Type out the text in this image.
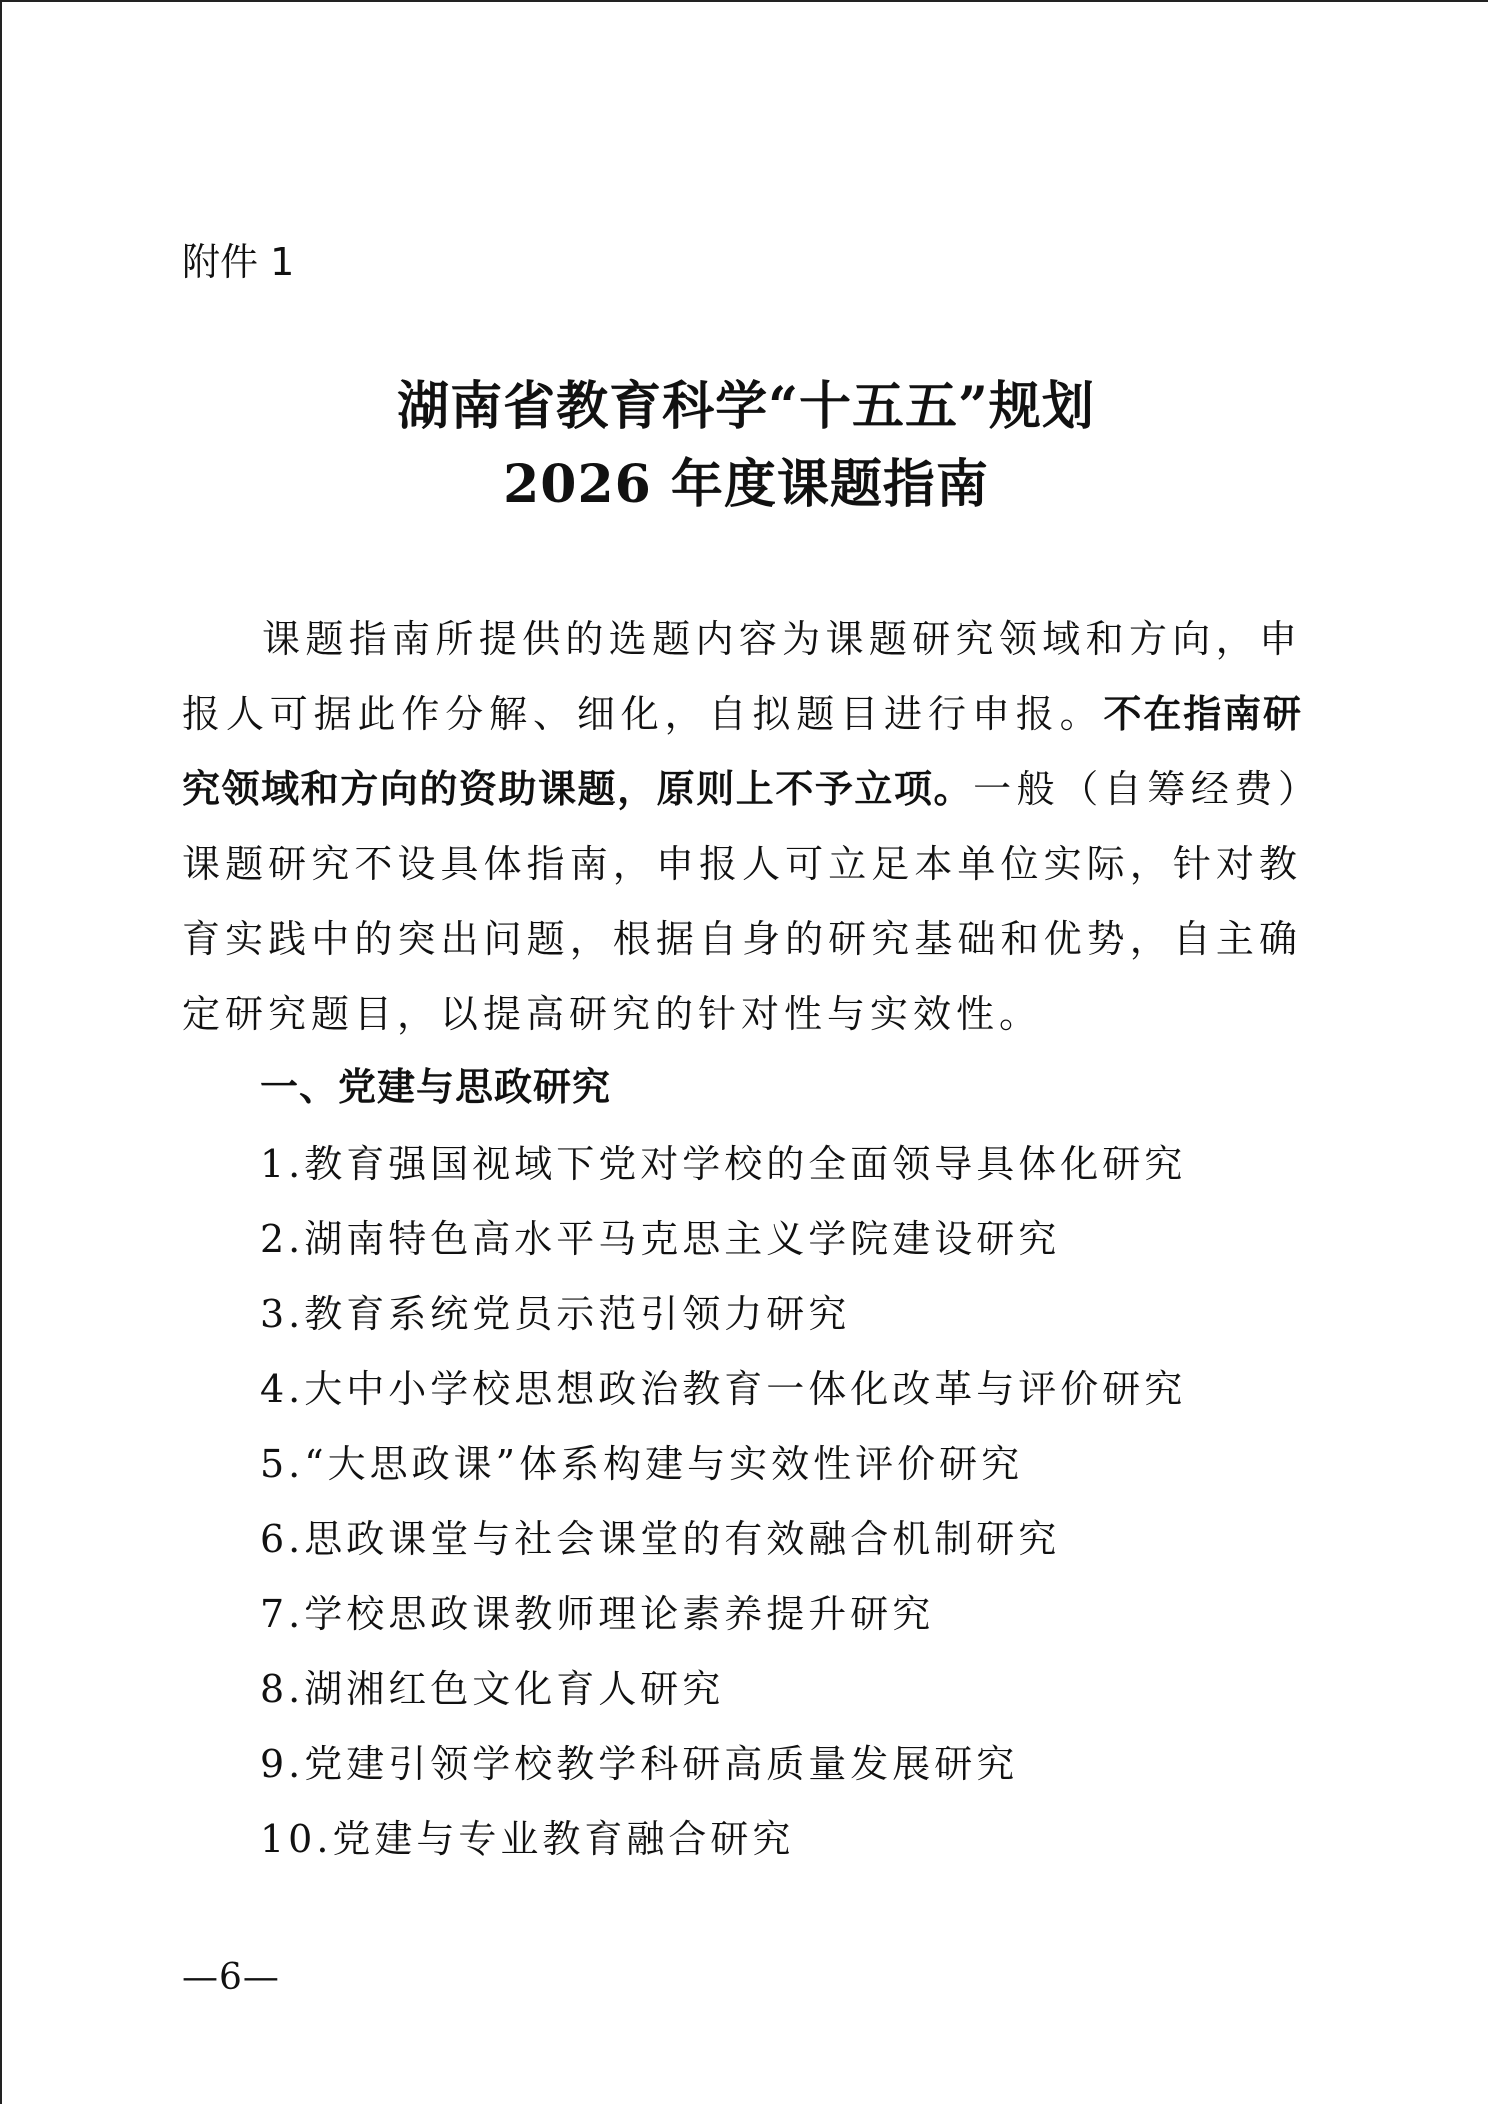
附件 1
湖南省教育科学“十五五”规划
2026 年度课题指南
课题指南所提供的选题内容为课题研究领域和方向，申报人可据此作分解、细化，自拟题目进行申报。不在指南研究领域和方向的资助课题，原则上不予立项。一般（自筹经费）课题研究不设具体指南，申报人可立足本单位实际，针对教育实践中的突出问题，根据自身的研究基础和优势，自主确定研究题目，以提高研究的针对性与实效性。
一、党建与思政研究
1.教育强国视域下党对学校的全面领导具体化研究
2.湖南特色高水平马克思主义学院建设研究
3.教育系统党员示范引领力研究
4.大中小学校思想政治教育一体化改革与评价研究
5.“大思政课”体系构建与实效性评价研究
6.思政课堂与社会课堂的有效融合机制研究
7.学校思政课教师理论素养提升研究
8.湖湘红色文化育人研究
9.党建引领学校教学科研高质量发展研究
10.党建与专业教育融合研究
—6—
